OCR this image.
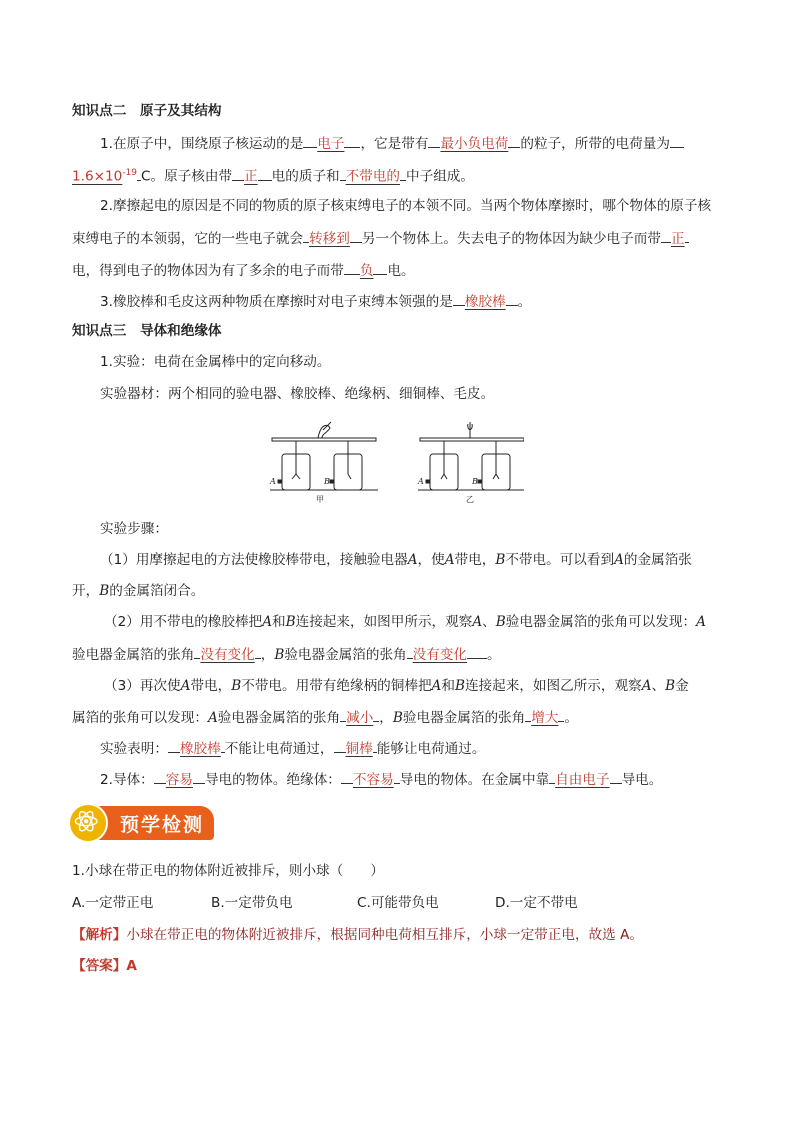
知识点二　原子及其结构
1.在原子中，围绕原子核运动的是 电子 ，它是带有 最小负电荷 的粒子，所带的电荷量为
$1.6\times 10^{-19}$ C。原子核由带 正 电的质子和 不带电的 中子组成。
2.摩擦起电的原因是不同的物质的原子核束缚电子的本领不同。当两个物体摩擦时，哪个物体的原子核
束缚电子的本领弱，它的一些电子就会 转移到 另一个物体上。失去电子的物体因为缺少电子而带 正
电，得到电子的物体因为有了多余的电子而带 负 电。
3.橡胶棒和毛皮这两种物质在摩擦时对电子束缚本领强的是 橡胶棒 。
知识点三　导体和绝缘体
1.实验：电荷在金属棒中的定向移动。
实验器材：两个相同的验电器、橡胶棒、绝缘柄、细铜棒、毛皮。
A	B
甲
A	B
乙
实验步骤：
（1）用摩擦起电的方法使橡胶棒带电，接触验电器A，使A带电，B不带电。可以看到A的金属箔张
开，B的金属箔闭合。
（2）用不带电的橡胶棒把A和B连接起来，如图甲所示，观察A、B验电器金属箔的张角可以发现：A
验电器金属箔的张角 没有变化 ，B验电器金属箔的张角 没有变化 。
（3）再次使A带电，B不带电。用带有绝缘柄的铜棒把A和B连接起来，如图乙所示，观察A、B金
属箔的张角可以发现：A验电器金属箔的张角 减小 ，B验电器金属箔的张角 增大 。
实验表明： 橡胶棒 不能让电荷通过， 铜棒 能够让电荷通过。
2.导体： 容易 导电的物体。绝缘体： 不容易 导电的物体。在金属中靠 自由电子 导电。
预学检测
1.小球在带正电的物体附近被排斥，则小球（　　）
A.一定带正电	B.一定带负电	C.可能带负电	D.一定不带电
【解析】小球在带正电的物体附近被排斥，根据同种电荷相互排斥，小球一定带正电，故选 A。
【答案】A
